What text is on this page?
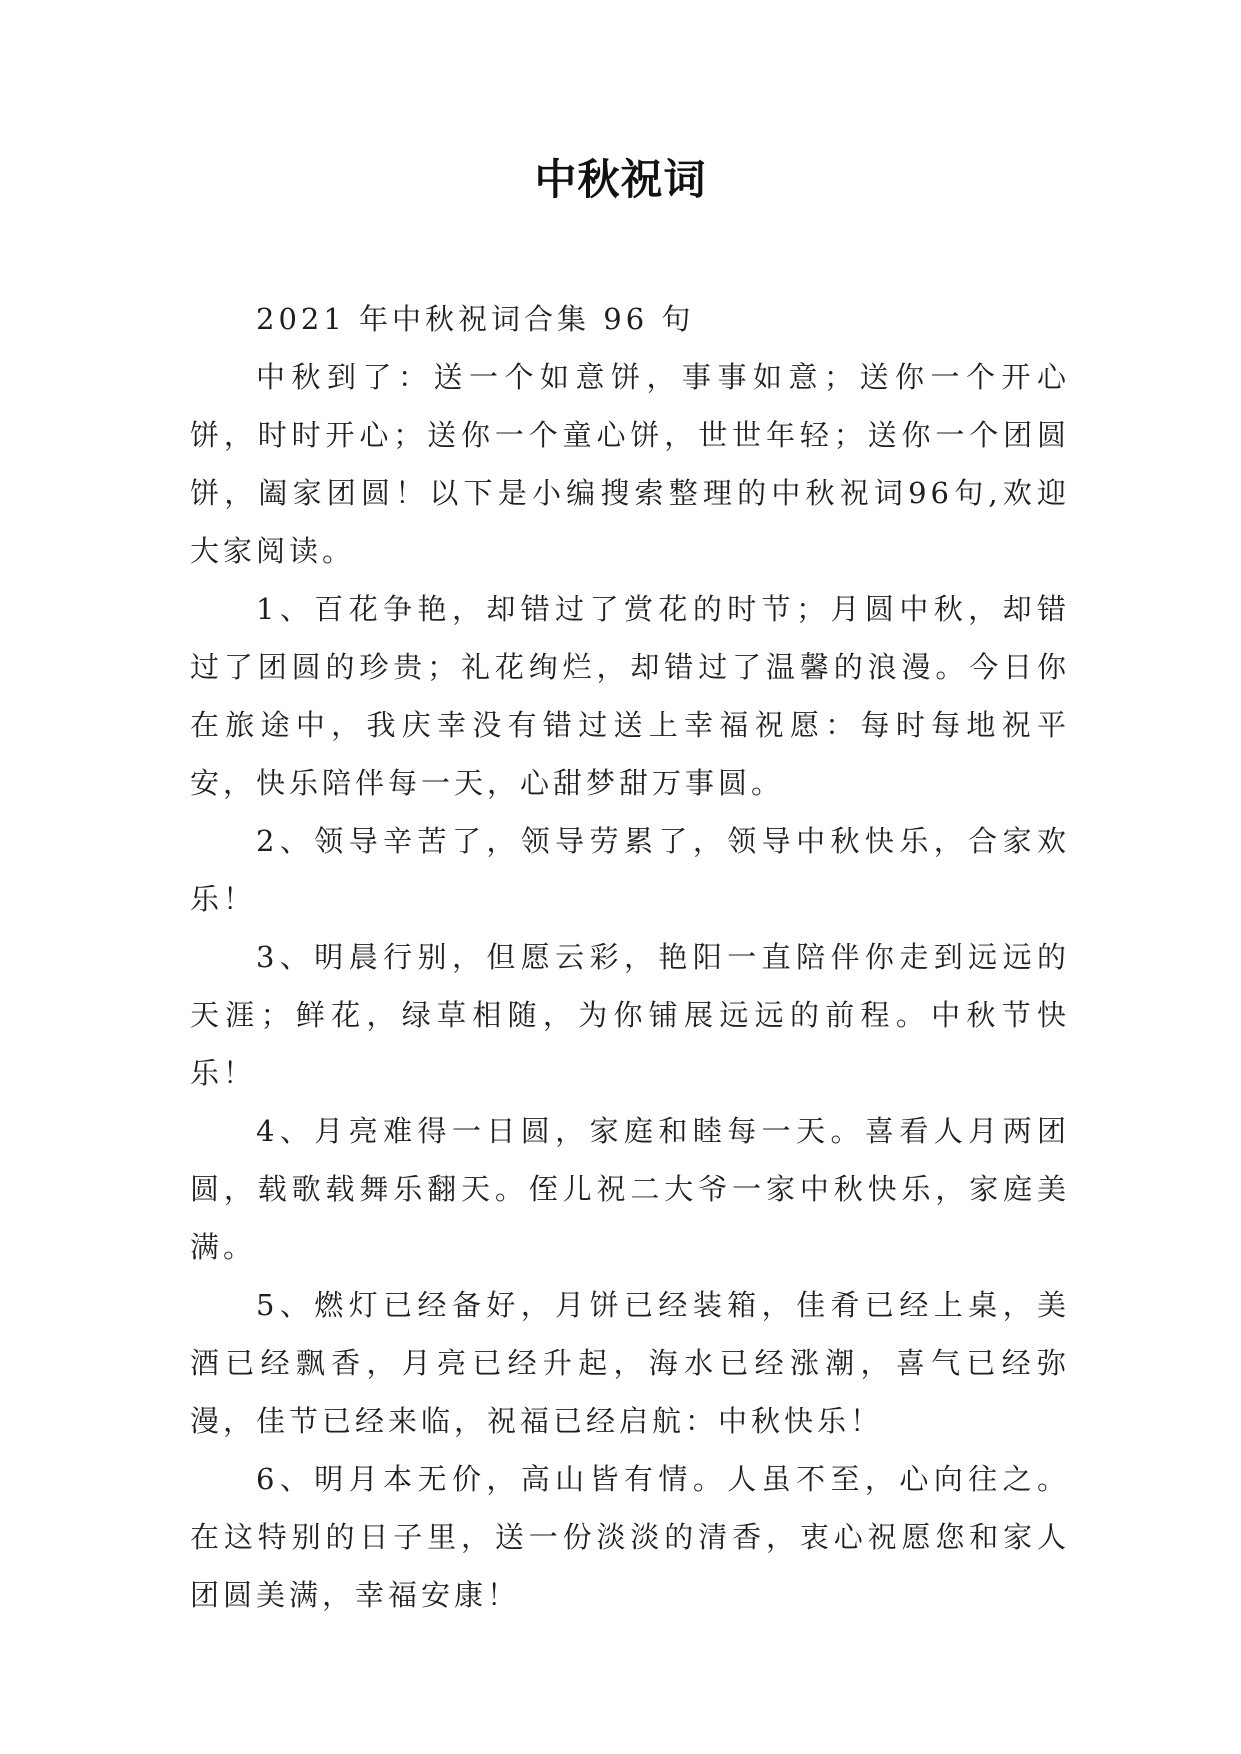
中秋祝词

2021 年中秋祝词合集 96 句

中秋到了：送一个如意饼，事事如意；送你一个开心饼，时时开心；送你一个童心饼，世世年轻；送你一个团圆饼，阖家团圆！以下是小编搜索整理的中秋祝词96句,欢迎大家阅读。

1、百花争艳，却错过了赏花的时节；月圆中秋，却错过了团圆的珍贵；礼花绚烂，却错过了温馨的浪漫。今日你在旅途中，我庆幸没有错过送上幸福祝愿：每时每地祝平安，快乐陪伴每一天，心甜梦甜万事圆。

2、领导辛苦了，领导劳累了，领导中秋快乐，合家欢乐！

3、明晨行别，但愿云彩，艳阳一直陪伴你走到远远的天涯；鲜花，绿草相随，为你铺展远远的前程。中秋节快乐！

4、月亮难得一日圆，家庭和睦每一天。喜看人月两团圆，载歌载舞乐翻天。侄儿祝二大爷一家中秋快乐，家庭美满。

5、燃灯已经备好，月饼已经装箱，佳肴已经上桌，美酒已经飘香，月亮已经升起，海水已经涨潮，喜气已经弥漫，佳节已经来临，祝福已经启航：中秋快乐！

6、明月本无价，高山皆有情。人虽不至，心向往之。在这特别的日子里，送一份淡淡的清香，衷心祝愿您和家人团圆美满，幸福安康！
